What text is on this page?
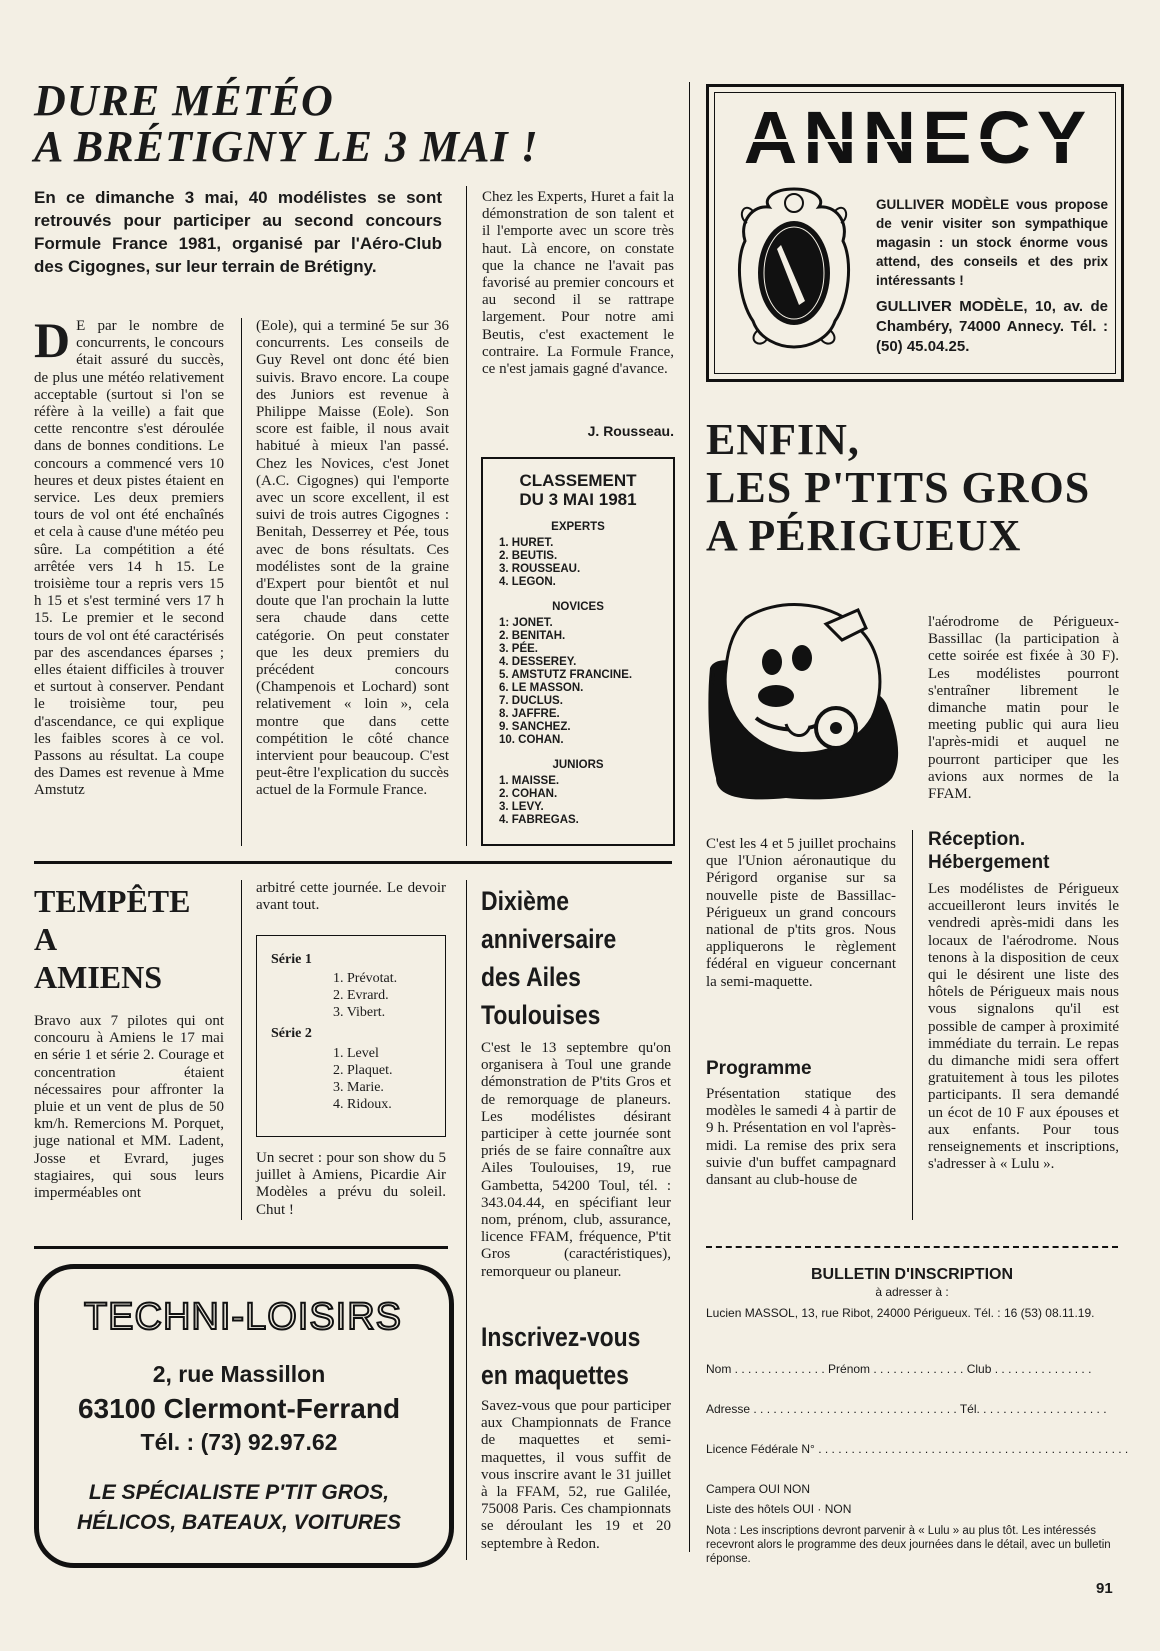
DURE MÉTÉO
A BRÉTIGNY LE 3 MAI !
En ce dimanche 3 mai, 40 modélistes se sont retrouvés pour participer au second concours Formule France 1981, organisé par l'Aéro-Club des Cigognes, sur leur terrain de Brétigny.
D E par le nombre de concurrents, le concours était assuré du succès, de plus une météo relativement acceptable (surtout si l'on se réfère à la veille) a fait que cette rencontre s'est déroulée dans de bonnes conditions. Le concours a commencé vers 10 heures et deux pistes étaient en service. Les deux premiers tours de vol ont été enchaînés et cela à cause d'une météo peu sûre. La compétition a été arrêtée vers 14 h 15. Le troisième tour a repris vers 15 h 15 et s'est terminé vers 17 h 15. Le premier et le second tours de vol ont été caractérisés par des ascendances éparses ; elles étaient difficiles à trouver et surtout à conserver. Pendant le troisième tour, peu d'ascendance, ce qui explique les faibles scores à ce vol. Passons au résultat. La coupe des Dames est revenue à Mme Amstutz
(Eole), qui a terminé 5e sur 36 concurrents. Les conseils de Guy Revel ont donc été bien suivis. Bravo encore. La coupe des Juniors est revenue à Philippe Maisse (Eole). Son score est faible, il nous avait habitué à mieux l'an passé. Chez les Novices, c'est Jonet (A.C. Cigognes) qui l'emporte avec un score excellent, il est suivi de trois autres Cigognes : Benitah, Desserrey et Pée, tous avec de bons résultats. Ces modélistes sont de la graine d'Expert pour bientôt et nul doute que l'an prochain la lutte sera chaude dans cette catégorie. On peut constater que les deux premiers du précédent concours (Champenois et Lochard) sont relativement « loin », cela montre que dans cette compétition le côté chance intervient pour beaucoup. C'est peut-être l'explication du succès actuel de la Formule France.
Chez les Experts, Huret a fait la démonstration de son talent et il l'emporte avec un score très haut. Là encore, on constate que la chance ne l'avait pas favorisé au premier concours et au second il se rattrape largement. Pour notre ami Beutis, c'est exactement le contraire. La Formule France, ce n'est jamais gagné d'avance.
J. Rousseau.
CLASSEMENT
DU 3 MAI 1981
EXPERTS
1. HURET.
2. BEUTIS.
3. ROUSSEAU.
4. LEGON.
NOVICES
1: JONET.
2. BENITAH.
3. PÉE.
4. DESSEREY.
5. AMSTUTZ FRANCINE.
6. LE MASSON.
7. DUCLUS.
8. JAFFRE.
9. SANCHEZ.
10. COHAN.
JUNIORS
1. MAISSE.
2. COHAN.
3. LEVY.
4. FABREGAS.
ANNECY
GULLIVER MODÈLE vous propose de venir visiter son sympathique magasin : un stock énorme vous attend, des conseils et des prix intéressants !
GULLIVER MODÈLE, 10, av. de Chambéry, 74000 Annecy. Tél. : (50) 45.04.25.
ENFIN,
LES P'TITS GROS
A PÉRIGUEUX
l'aérodrome de Périgueux-Bassillac (la participation à cette soirée est fixée à 30 F). Les modélistes pourront s'entraîner librement le dimanche matin pour le meeting public qui aura lieu l'après-midi et auquel ne pourront participer que les avions aux normes de la FFAM.
C'est les 4 et 5 juillet prochains que l'Union aéronautique du Périgord organise sur sa nouvelle piste de Bassillac-Périgueux un grand concours national de p'tits gros. Nous appliquerons le règlement fédéral en vigueur concernant la semi-maquette.
Programme
Présentation statique des modèles le samedi 4 à partir de 9 h. Présentation en vol l'après-midi. La remise des prix sera suivie d'un buffet campagnard dansant au club-house de
Réception.
Hébergement
Les modélistes de Périgueux accueilleront leurs invités le vendredi après-midi dans les locaux de l'aérodrome. Nous tenons à la disposition de ceux qui le désirent une liste des hôtels de Périgueux mais nous vous signalons qu'il est possible de camper à proximité immédiate du terrain. Le repas du dimanche midi sera offert gratuitement à tous les pilotes participants. Il sera demandé un écot de 10 F aux épouses et aux enfants. Pour tous renseignements et inscriptions, s'adresser à « Lulu ».
TEMPÊTE
A
AMIENS
Bravo aux 7 pilotes qui ont concouru à Amiens le 17 mai en série 1 et série 2. Courage et concentration étaient nécessaires pour affronter la pluie et un vent de plus de 50 km/h. Remercions M. Porquet, juge national et MM. Ladent, Josse et Evrard, juges stagiaires, qui sous leurs imperméables ont
arbitré cette journée. Le devoir avant tout.
Série 1
1. Prévotat.
2. Evrard.
3. Vibert.
Série 2
1. Level
2. Plaquet.
3. Marie.
4. Ridoux.
Un secret : pour son show du 5 juillet à Amiens, Picardie Air Modèles a prévu du soleil. Chut !
Dixième
anniversaire
des Ailes
Toulouises
C'est le 13 septembre qu'on organisera à Toul une grande démonstration de P'tits Gros et de remorquage de planeurs. Les modélistes désirant participer à cette journée sont priés de se faire connaître aux Ailes Toulouises, 19, rue Gambetta, 54200 Toul, tél. : 343.04.44, en spécifiant leur nom, prénom, club, assurance, licence FFAM, fréquence, P'tit Gros (caractéristiques), remorqueur ou planeur.
Inscrivez-vous
en maquettes
Savez-vous que pour participer aux Championnats de France de maquettes et semi-maquettes, il vous suffit de vous inscrire avant le 31 juillet à la FFAM, 52, rue Galilée, 75008 Paris. Ces championnats se déroulant les 19 et 20 septembre à Redon.
TECHNI-LOISIRS
2, rue Massillon
63100 Clermont-Ferrand
Tél. : (73) 92.97.62
LE SPÉCIALISTE P'TIT GROS,
HÉLICOS, BATEAUX, VOITURES
BULLETIN D'INSCRIPTION
à adresser à :
Lucien MASSOL, 13, rue Ribot, 24000 Périgueux. Tél. : 16 (53) 08.11.19.
Nom . . . . . . . . . . . . . . Prénom . . . . . . . . . . . . . . Club . . . . . . . . . . . . . . .
Adresse . . . . . . . . . . . . . . . . . . . . . . . . . . . . . . . Tél. . . . . . . . . . . . . . . . . . . .
Licence Fédérale N° . . . . . . . . . . . . . . . . . . . . . . . . . . . . . . . . . . . . . . . . . . . . . . .
Campera OUI NON
Liste des hôtels OUI · NON
Nota : Les inscriptions devront parvenir à « Lulu » au plus tôt. Les intéressés recevront alors le programme des deux journées dans le détail, avec un bulletin réponse.
91
